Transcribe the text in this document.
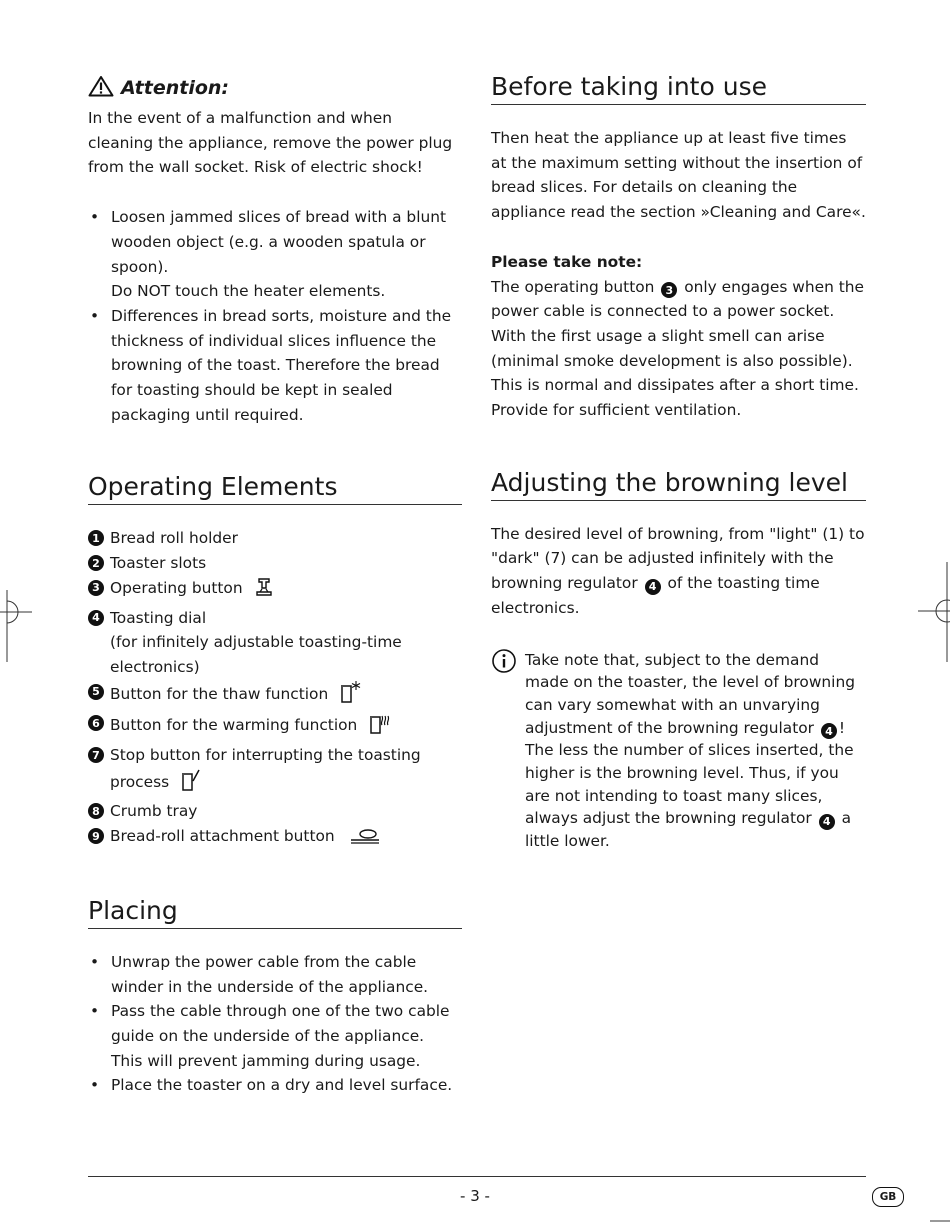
Attention:

In the event of a malfunction and when cleaning the appliance, remove the power plug from the wall socket. Risk of electric shock!

• Loosen jammed slices of bread with a blunt wooden object (e.g. a wooden spatula or spoon).
Do NOT touch the heater elements.
• Differences in bread sorts, moisture and the thickness of individual slices influence the browning of the toast. Therefore the bread for toasting should be kept in sealed packaging until required.
Operating Elements
1 Bread roll holder
2 Toaster slots
3 Operating button
4 Toasting dial
(for infinitely adjustable toasting-time electronics)
5 Button for the thaw function
6 Button for the warming function
7 Stop button for interrupting the toasting process
8 Crumb tray
9 Bread-roll attachment button
Placing
• Unwrap the power cable from the cable winder in the underside of the appliance.
• Pass the cable through one of the two cable guide on the underside of the appliance.
This will prevent jamming during usage.
• Place the toaster on a dry and level surface.
Before taking into use

Then heat the appliance up at least five times at the maximum setting without the insertion of bread slices. For details on cleaning the appliance read the section »Cleaning and Care«.

Please take note:

The operating button 3 only engages when the power cable is connected to a power socket.

With the first usage a slight smell can arise (minimal smoke development is also possible). This is normal and dissipates after a short time. Provide for sufficient ventilation.

Adjusting the browning level

The desired level of browning, from "light" (1) to "dark" (7) can be adjusted infinitely with the browning regulator 4 of the toasting time electronics.

Take note that, subject to the demand made on the toaster, the level of browning can vary somewhat with an unvarying adjustment of the browning regulator 4 ! The less the number of slices inserted, the higher is the browning level. Thus, if you are not intending to toast many slices, always adjust the browning regulator 4 a little lower.

- 3 -	GB
